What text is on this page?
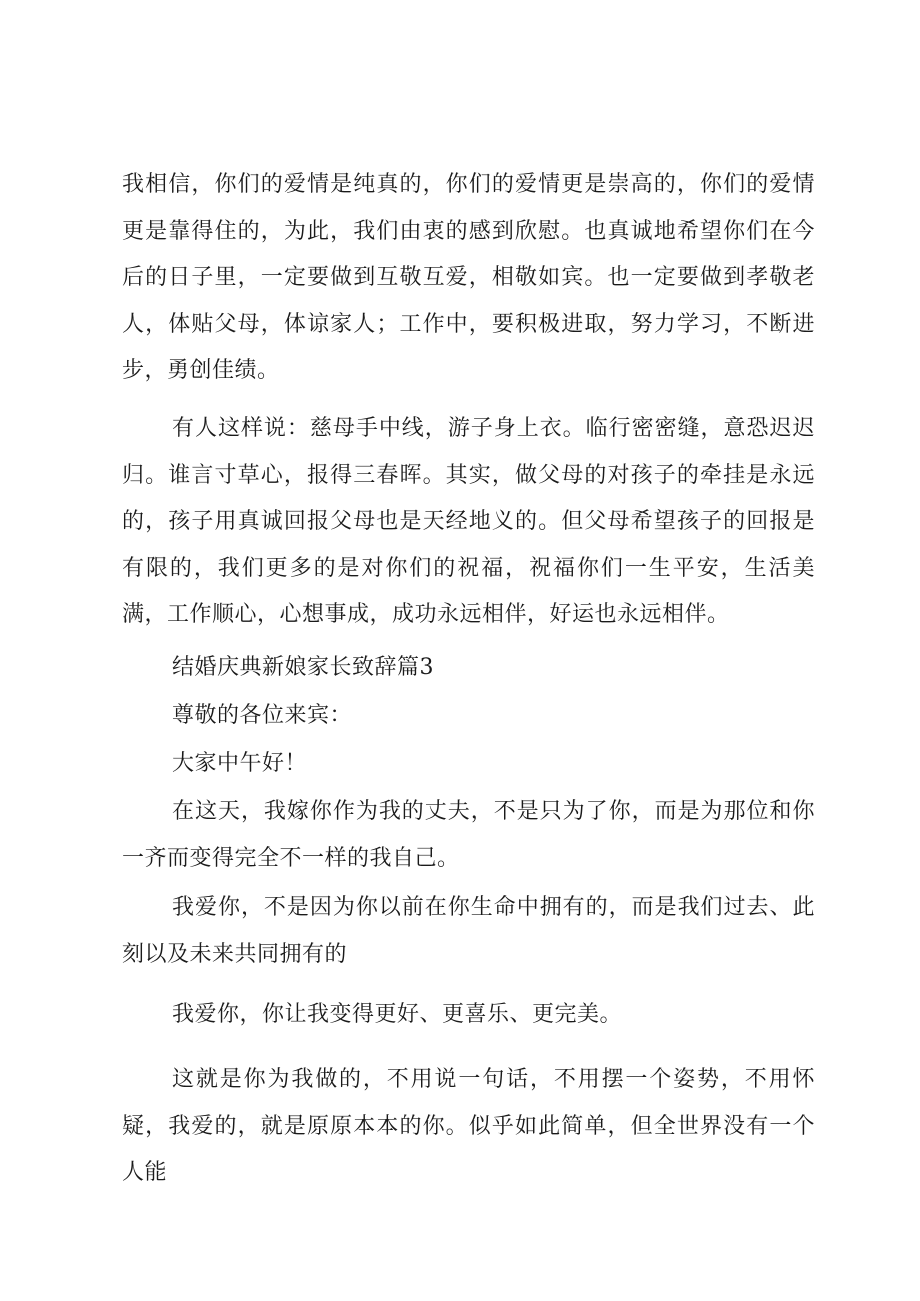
我相信，你们的爱情是纯真的，你们的爱情更是崇高的，你们的爱情更是靠得住的，为此，我们由衷的感到欣慰。也真诚地希望你们在今后的日子里，一定要做到互敬互爱，相敬如宾。也一定要做到孝敬老人，体贴父母，体谅家人；工作中，要积极进取，努力学习，不断进步，勇创佳绩。

有人这样说：慈母手中线，游子身上衣。临行密密缝，意恐迟迟归。谁言寸草心，报得三春晖。其实，做父母的对孩子的牵挂是永远的，孩子用真诚回报父母也是天经地义的。但父母希望孩子的回报是有限的，我们更多的是对你们的祝福，祝福你们一生平安，生活美满，工作顺心，心想事成，成功永远相伴，好运也永远相伴。

结婚庆典新娘家长致辞篇3

尊敬的各位来宾：

大家中午好！

在这天，我嫁你作为我的丈夫，不是只为了你，而是为那位和你一齐而变得完全不一样的我自己。

我爱你，不是因为你以前在你生命中拥有的，而是我们过去、此刻以及未来共同拥有的

我爱你，你让我变得更好、更喜乐、更完美。

这就是你为我做的，不用说一句话，不用摆一个姿势，不用怀疑，我爱的，就是原原本本的你。似乎如此简单，但全世界没有一个人能
